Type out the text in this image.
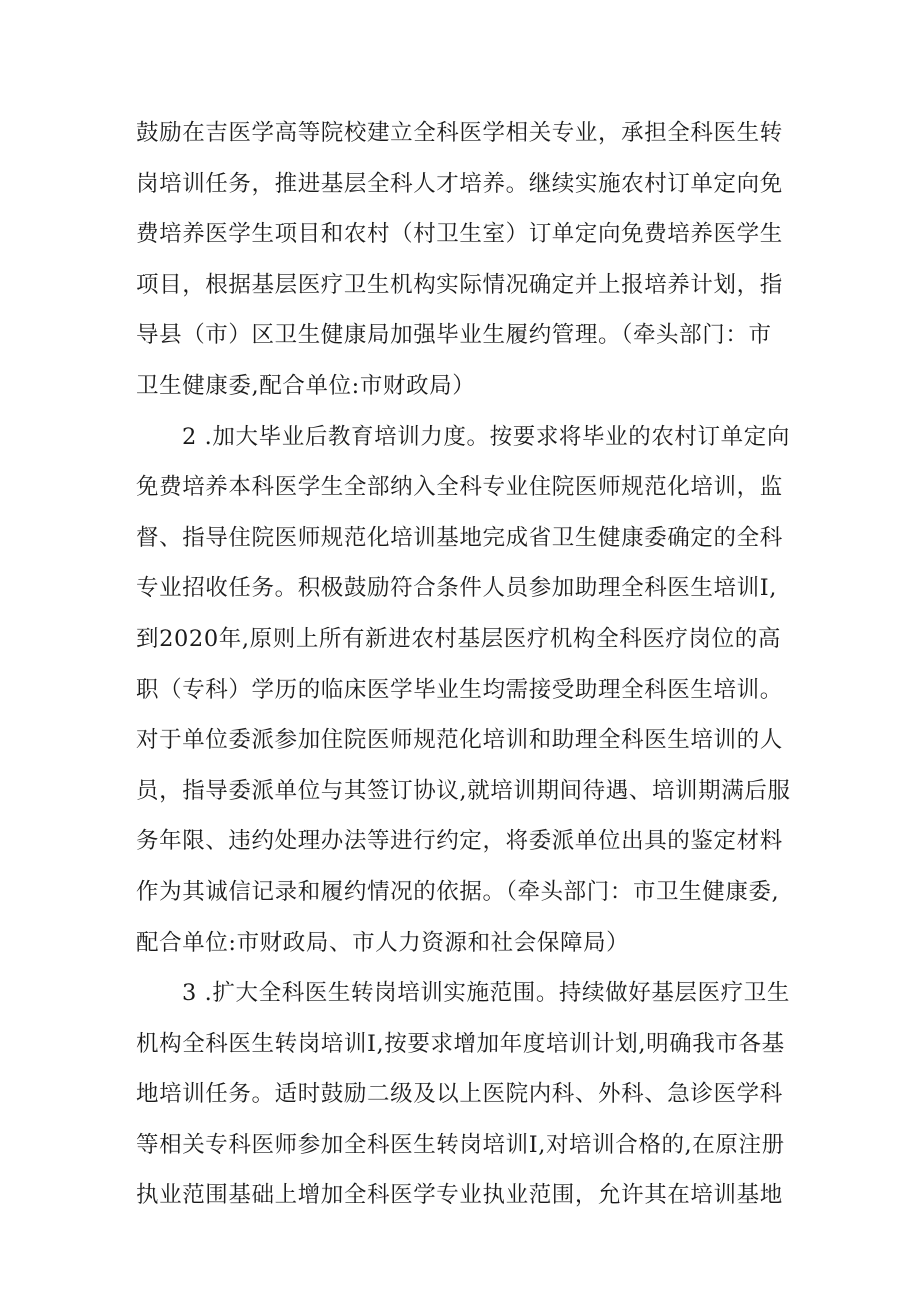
鼓励在吉医学高等院校建立全科医学相关专业，承担全科医生转
岗培训任务，推进基层全科人才培养。继续实施农村订单定向免
费培养医学生项目和农村（村卫生室）订单定向免费培养医学生
项目，根据基层医疗卫生机构实际情况确定并上报培养计划，指
导县（市）区卫生健康局加强毕业生履约管理。（牵头部门：市
卫生健康委,配合单位:市财政局）
2 .加大毕业后教育培训力度。按要求将毕业的农村订单定向
免费培养本科医学生全部纳入全科专业住院医师规范化培训，监
督、指导住院医师规范化培训基地完成省卫生健康委确定的全科
专业招收任务。积极鼓励符合条件人员参加助理全科医生培训I,
到2020年,原则上所有新进农村基层医疗机构全科医疗岗位的高
职（专科）学历的临床医学毕业生均需接受助理全科医生培训。
对于单位委派参加住院医师规范化培训和助理全科医生培训的人
员，指导委派单位与其签订协议,就培训期间待遇、培训期满后服
务年限、违约处理办法等进行约定，将委派单位出具的鉴定材料
作为其诚信记录和履约情况的依据。（牵头部门：市卫生健康委,
配合单位:市财政局、市人力资源和社会保障局）
3 .扩大全科医生转岗培训实施范围。持续做好基层医疗卫生
机构全科医生转岗培训I,按要求增加年度培训计划,明确我市各基
地培训任务。适时鼓励二级及以上医院内科、外科、急诊医学科
等相关专科医师参加全科医生转岗培训I,对培训合格的,在原注册
执业范围基础上增加全科医学专业执业范围，允许其在培训基地
